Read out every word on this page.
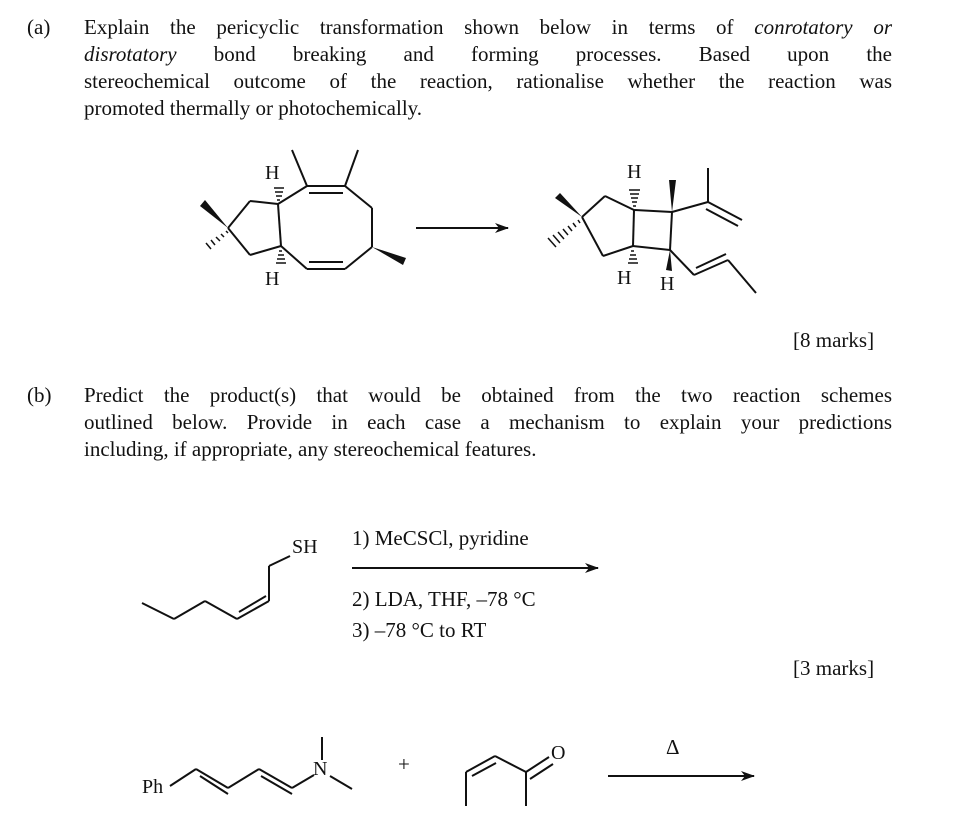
(a) Explain the pericyclic transformation shown below in terms of conrotatory or
disrotatory bond breaking and forming processes. Based upon the
stereochemical outcome of the reaction, rationalise whether the reaction was
promoted thermally or photochemically.
[8 marks]
(b) Predict the product(s) that would be obtained from the two reaction schemes
outlined below. Provide in each case a mechanism to explain your predictions
including, if appropriate, any stereochemical features.
[3 marks]
H
H
H
H H
SH 1) MeCSCl, pyridine
2) LDA, THF, –78 °C
3) –78 °C to RT
Ph
N	+	O	Δ
